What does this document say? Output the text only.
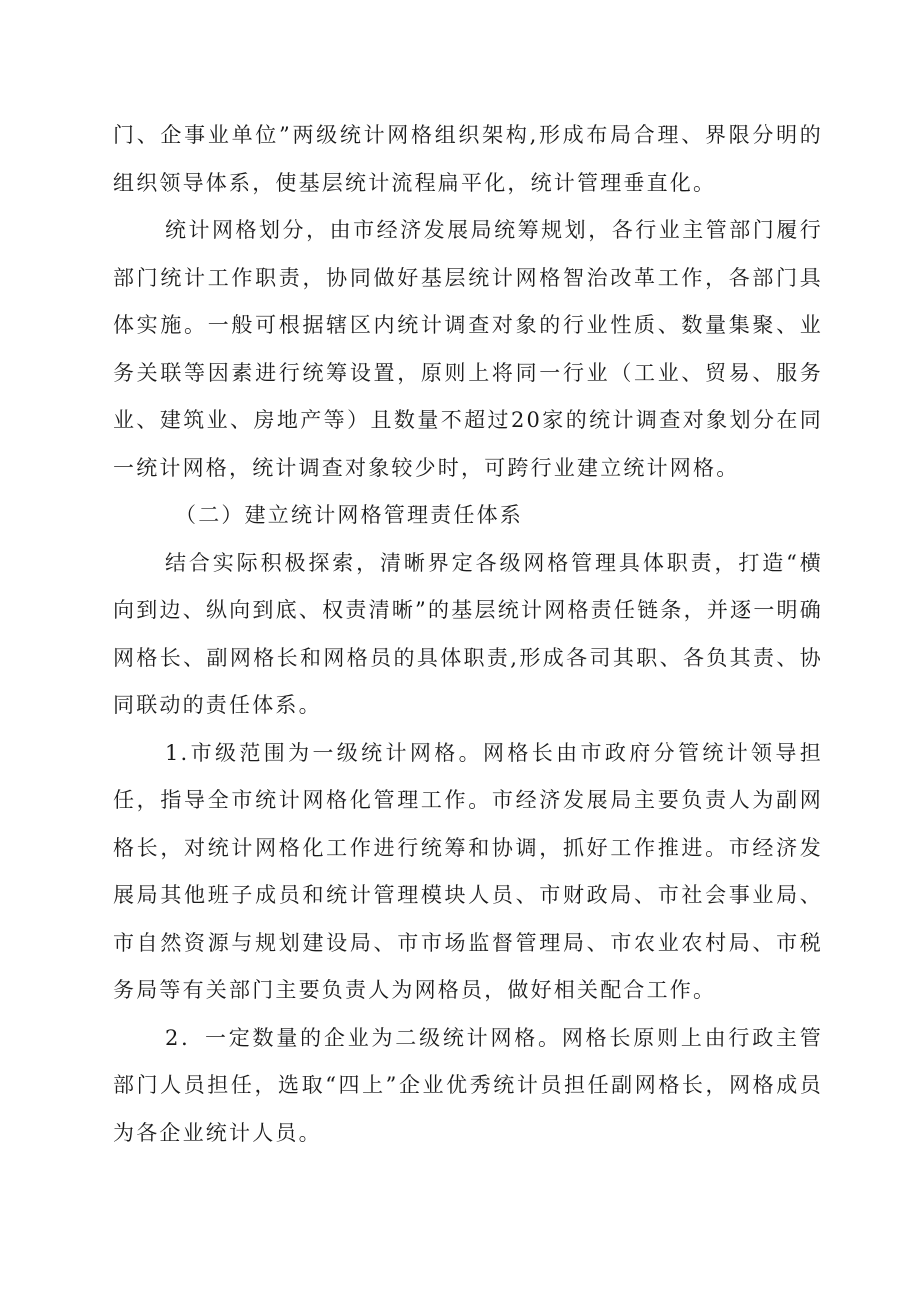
门、企事业单位”两级统计网格组织架构,形成布局合理、界限分明的组织领导体系，使基层统计流程扁平化，统计管理垂直化。

统计网格划分，由市经济发展局统筹规划，各行业主管部门履行部门统计工作职责，协同做好基层统计网格智治改革工作，各部门具体实施。一般可根据辖区内统计调查对象的行业性质、数量集聚、业务关联等因素进行统筹设置，原则上将同一行业（工业、贸易、服务业、建筑业、房地产等）且数量不超过20家的统计调查对象划分在同一统计网格，统计调查对象较少时，可跨行业建立统计网格。

（二）建立统计网格管理责任体系

结合实际积极探索，清晰界定各级网格管理具体职责，打造“横向到边、纵向到底、权责清晰”的基层统计网格责任链条，并逐一明确网格长、副网格长和网格员的具体职责,形成各司其职、各负其责、协同联动的责任体系。

1.市级范围为一级统计网格。网格长由市政府分管统计领导担任，指导全市统计网格化管理工作。市经济发展局主要负责人为副网格长，对统计网格化工作进行统筹和协调，抓好工作推进。市经济发展局其他班子成员和统计管理模块人员、市财政局、市社会事业局、市自然资源与规划建设局、市市场监督管理局、市农业农村局、市税务局等有关部门主要负责人为网格员，做好相关配合工作。

2．一定数量的企业为二级统计网格。网格长原则上由行政主管部门人员担任，选取“四上”企业优秀统计员担任副网格长，网格成员为各企业统计人员。
